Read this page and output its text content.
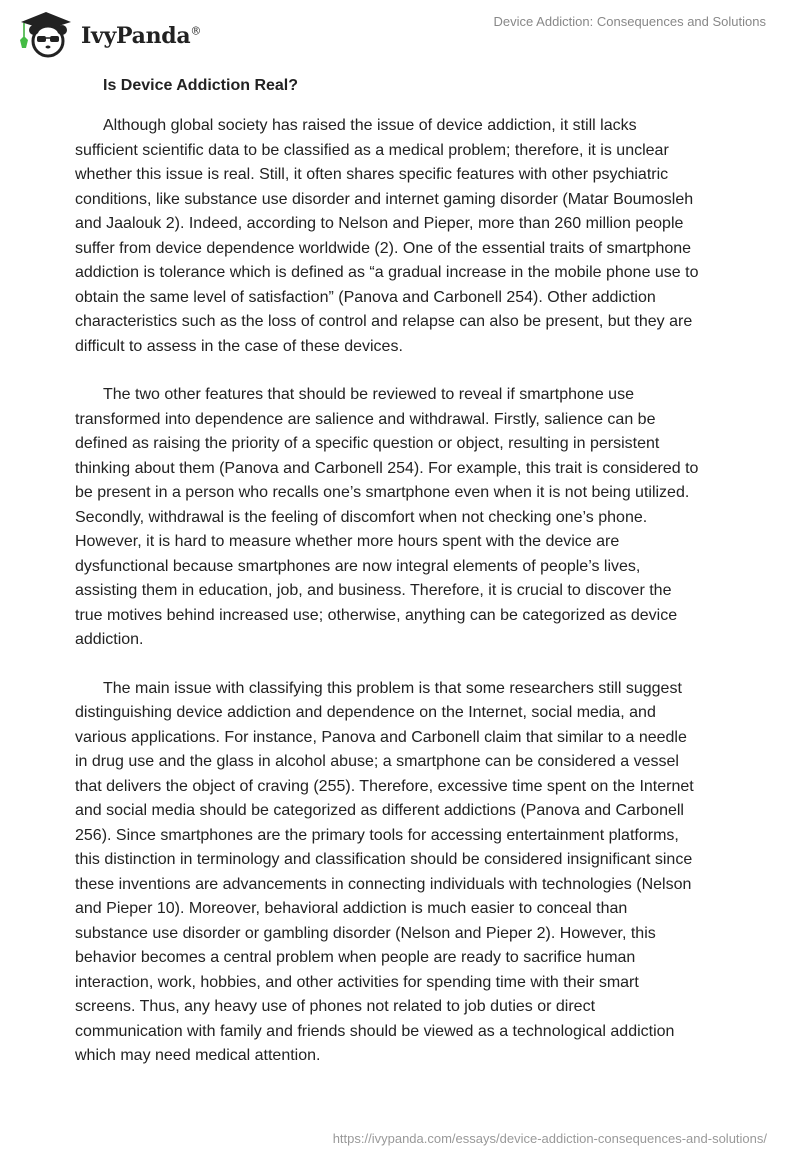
IvyPanda®
Device Addiction: Consequences and Solutions
Is Device Addiction Real?
Although global society has raised the issue of device addiction, it still lacks
sufficient scientific data to be classified as a medical problem; therefore, it is unclear
whether this issue is real. Still, it often shares specific features with other psychiatric
conditions, like substance use disorder and internet gaming disorder (Matar Boumosleh
and Jaalouk 2). Indeed, according to Nelson and Pieper, more than 260 million people
suffer from device dependence worldwide (2). One of the essential traits of smartphone
addiction is tolerance which is defined as “a gradual increase in the mobile phone use to
obtain the same level of satisfaction” (Panova and Carbonell 254). Other addiction
characteristics such as the loss of control and relapse can also be present, but they are
difficult to assess in the case of these devices.
The two other features that should be reviewed to reveal if smartphone use
transformed into dependence are salience and withdrawal. Firstly, salience can be
defined as raising the priority of a specific question or object, resulting in persistent
thinking about them (Panova and Carbonell 254). For example, this trait is considered to
be present in a person who recalls one’s smartphone even when it is not being utilized.
Secondly, withdrawal is the feeling of discomfort when not checking one’s phone.
However, it is hard to measure whether more hours spent with the device are
dysfunctional because smartphones are now integral elements of people’s lives,
assisting them in education, job, and business. Therefore, it is crucial to discover the
true motives behind increased use; otherwise, anything can be categorized as device
addiction.
The main issue with classifying this problem is that some researchers still suggest
distinguishing device addiction and dependence on the Internet, social media, and
various applications. For instance, Panova and Carbonell claim that similar to a needle
in drug use and the glass in alcohol abuse; a smartphone can be considered a vessel
that delivers the object of craving (255). Therefore, excessive time spent on the Internet
and social media should be categorized as different addictions (Panova and Carbonell
256). Since smartphones are the primary tools for accessing entertainment platforms,
this distinction in terminology and classification should be considered insignificant since
these inventions are advancements in connecting individuals with technologies (Nelson
and Pieper 10). Moreover, behavioral addiction is much easier to conceal than
substance use disorder or gambling disorder (Nelson and Pieper 2). However, this
behavior becomes a central problem when people are ready to sacrifice human
interaction, work, hobbies, and other activities for spending time with their smart
screens. Thus, any heavy use of phones not related to job duties or direct
communication with family and friends should be viewed as a technological addiction
which may need medical attention.
https://ivypanda.com/essays/device-addiction-consequences-and-solutions/
